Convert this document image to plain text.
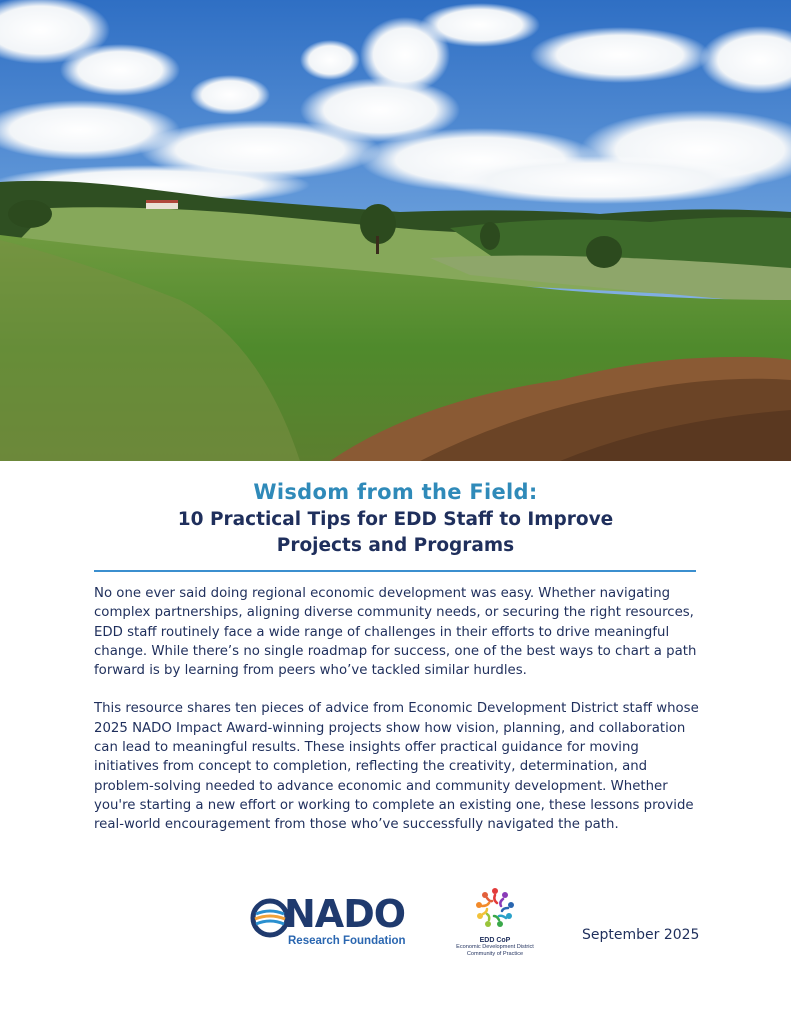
Wisdom from the Field:
10 Practical Tips for EDD Staff to Improve
Projects and Programs

No one ever said doing regional economic development was easy. Whether navigating complex partnerships, aligning diverse community needs, or securing the right resources, EDD staff routinely face a wide range of challenges in their efforts to drive meaningful change. While there’s no single roadmap for success, one of the best ways to chart a path forward is by learning from peers who’ve tackled similar hurdles.

This resource shares ten pieces of advice from Economic Development District staff whose 2025 NADO Impact Award-winning projects show how vision, planning, and collaboration can lead to meaningful results. These insights offer practical guidance for moving initiatives from concept to completion, reflecting the creativity, determination, and problem-solving needed to advance economic and community development. Whether you're starting a new effort or working to complete an existing one, these lessons provide real-world encouragement from those who’ve successfully navigated the path.

NADO
Research Foundation	EDD CoP
Economic Development District
Community of Practice
September 2025
